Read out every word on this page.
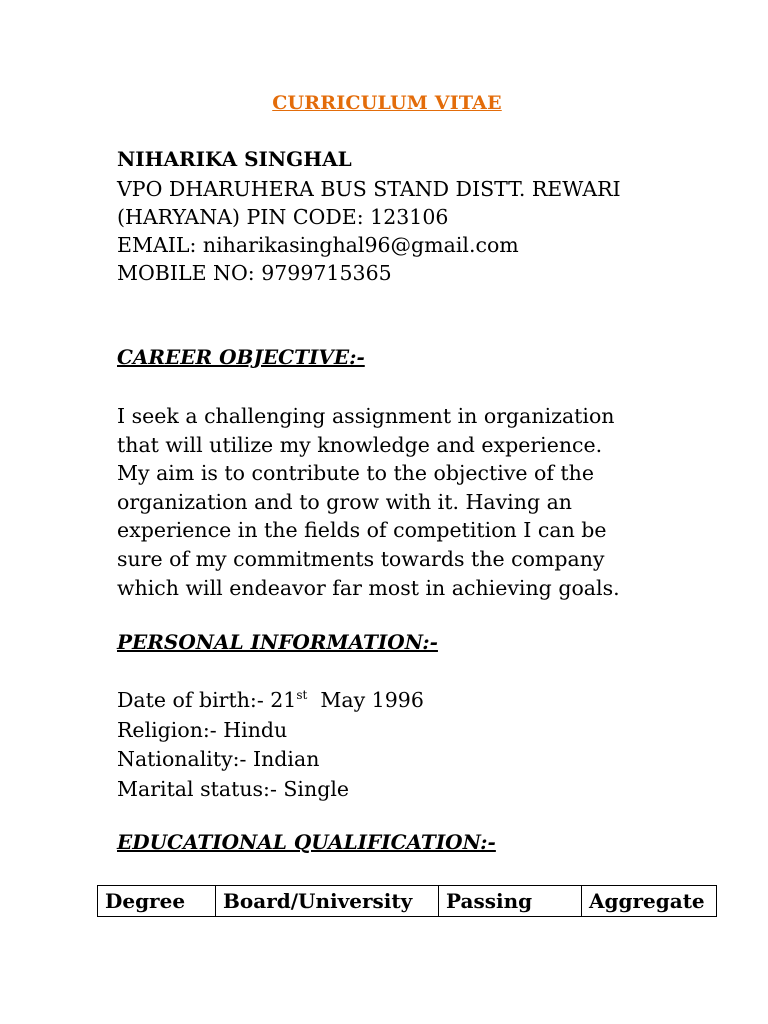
CURRICULUM VITAE
NIHARIKA SINGHAL
VPO DHARUHERA BUS STAND DISTT. REWARI
(HARYANA) PIN CODE: 123106
EMAIL: niharikasinghal96@gmail.com
MOBILE NO: 9799715365
CAREER OBJECTIVE:-
I seek a challenging assignment in organization
that will utilize my knowledge and experience.
My aim is to contribute to the objective of the
organization and to grow with it. Having an
experience in the fields of competition I can be
sure of my commitments towards the company
which will endeavor far most in achieving goals.
PERSONAL INFORMATION:-
Date of birth:- 21st  May 1996
Religion:- Hindu
Nationality:- Indian
Marital status:- Single
EDUCATIONAL QUALIFICATION:-
Degree	Board/University	Passing	Aggregate
